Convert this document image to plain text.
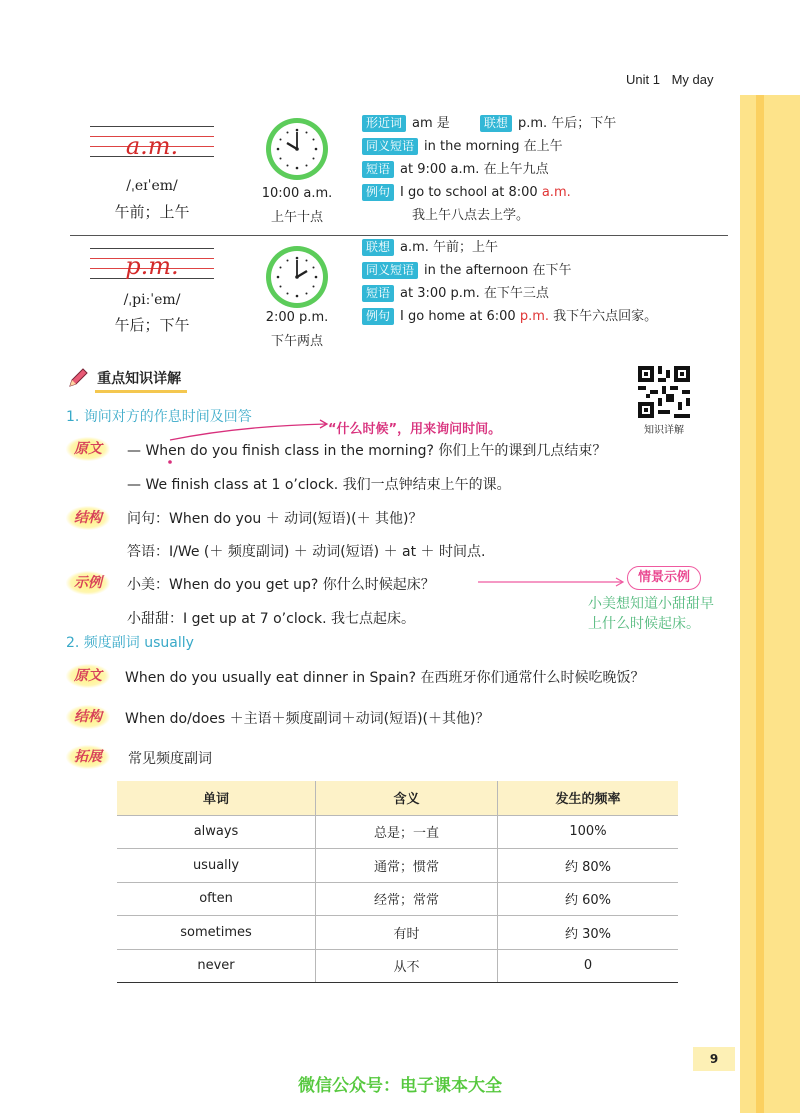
Unit 1 My day
a.m.
/ˌeɪˈem/
午前；上午
10:00 a.m.
上午十点
形近词 am 是	联想 p.m. 午后；下午
同义短语 in the morning 在上午
短语 at 9:00 a.m. 在上午九点
例句 I go to school at 8:00 a.m.
我上午八点去上学。
p.m.
/ˌpiːˈem/
午后；下午	2:00 p.m.
下午两点
联想 a.m. 午前；上午
同义短语 in the afternoon 在下午
短语 at 3:00 p.m. 在下午三点
例句 I go home at 6:00 p.m. 我下午六点回家。
重点知识详解
知识详解
1. 询问对方的作息时间及回答
“什么时候”，用来询问时间。
原文	— When do you finish class in the morning? 你们上午的课到几点结束？
— We finish class at 1 o’clock. 我们一点钟结束上午的课。
结构	问句：When do you ＋ 动词(短语)(＋ 其他)？
答语：I/We (＋ 频度副词) ＋ 动词(短语) ＋ at ＋ 时间点.
示例	小美：When do you get up? 你什么时候起床？
小甜甜：I get up at 7 o’clock. 我七点起床。
情景示例
小美想知道小甜甜早
上什么时候起床。
2. 频度副词 usually
原文	When do you usually eat dinner in Spain? 在西班牙你们通常什么时候吃晚饭？
结构	When do/does ＋主语＋频度副词＋动词(短语)(＋其他)？
拓展	常见频度副词
单词	含义	发生的频率
always	总是；一直	100%
usually	通常；惯常	约 80%
often	经常；常常	约 60%
sometimes	有时	约 30%
never	从不	0
9
微信公众号：电子课本大全
